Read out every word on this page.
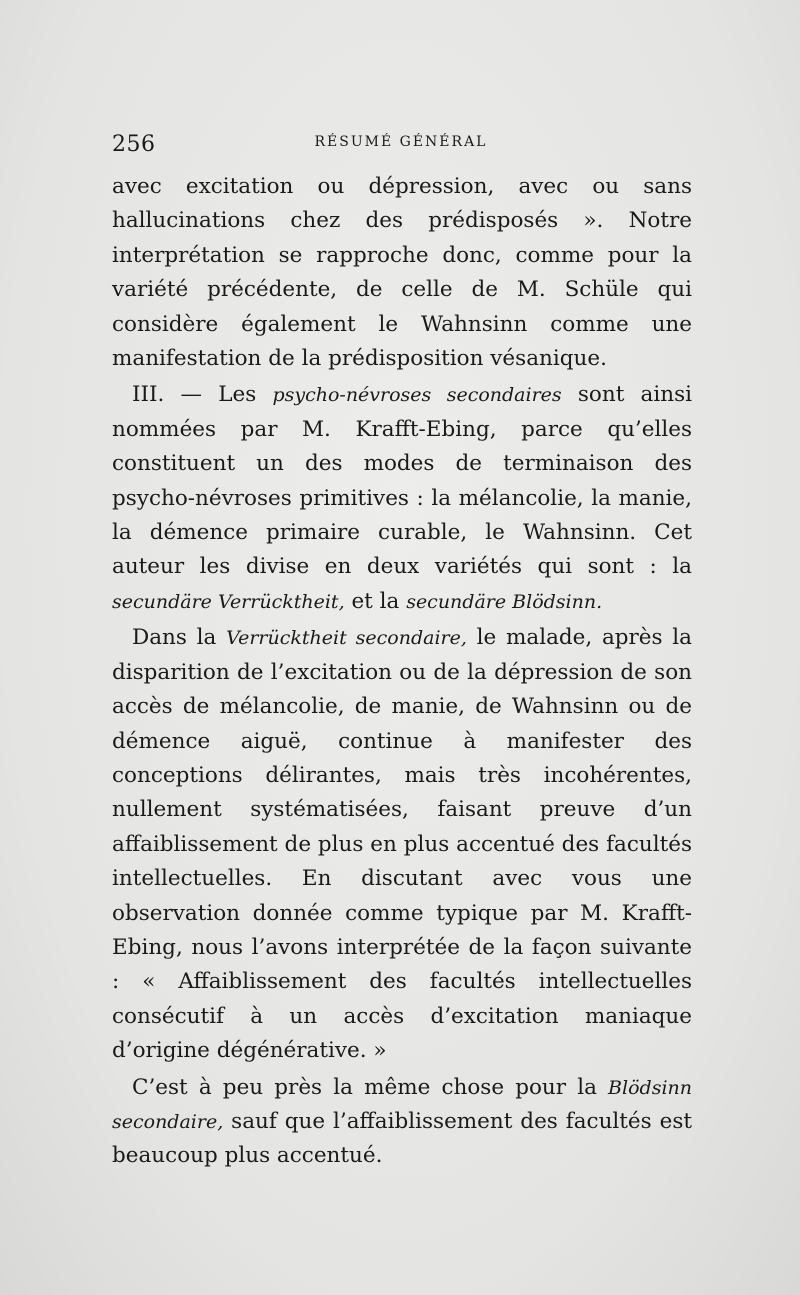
256	RÉSUMÉ GÉNÉRAL

avec excitation ou dépression, avec ou sans hallucinations chez des prédisposés ». Notre interprétation se rapproche donc, comme pour la variété précédente, de celle de M. Schüle qui considère également le Wahnsinn comme une manifestation de la prédisposition vésanique.

III. — Les psycho-névroses secondaires sont ainsi nommées par M. Krafft-Ebing, parce qu’elles constituent un des modes de terminaison des psycho-névroses primitives : la mélancolie, la manie, la démence primaire curable, le Wahnsinn. Cet auteur les divise en deux variétés qui sont : la secundäre Verrücktheit, et la secundäre Blödsinn.

Dans la Verrücktheit secondaire, le malade, après la disparition de l’excitation ou de la dépression de son accès de mélancolie, de manie, de Wahnsinn ou de démence aiguë, continue à manifester des conceptions délirantes, mais très incohérentes, nullement systématisées, faisant preuve d’un affaiblissement de plus en plus accentué des facultés intellectuelles. En discutant avec vous une observation donnée comme typique par M. Krafft-Ebing, nous l’avons interprétée de la façon suivante : « Affaiblissement des facultés intellectuelles consécutif à un accès d’excitation maniaque d’origine dégénérative. »

C’est à peu près la même chose pour la Blödsinn secondaire, sauf que l’affaiblissement des facultés est beaucoup plus accentué.
